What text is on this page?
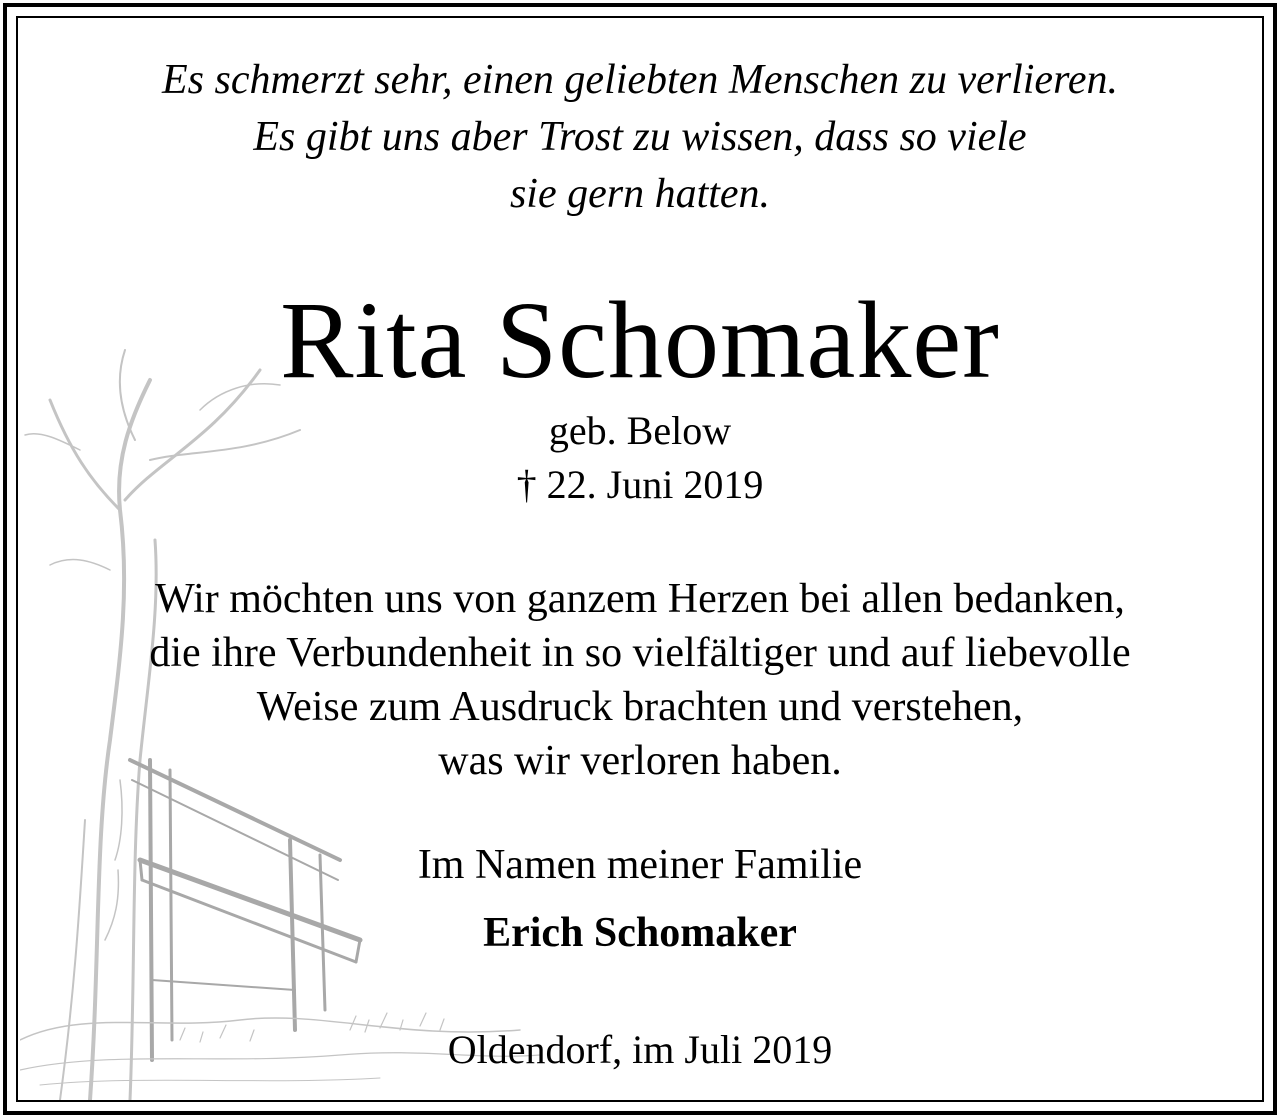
Es schmerzt sehr, einen geliebten Menschen zu verlieren.
Es gibt uns aber Trost zu wissen, dass so viele
sie gern hatten.

Rita Schomaker
geb. Below
† 22. Juni 2019

Wir möchten uns von ganzem Herzen bei allen bedanken,
die ihre Verbundenheit in so vielfältiger und auf liebevolle
Weise zum Ausdruck brachten und verstehen,
was wir verloren haben.

Im Namen meiner Familie
Erich Schomaker
Oldendorf, im Juli 2019
